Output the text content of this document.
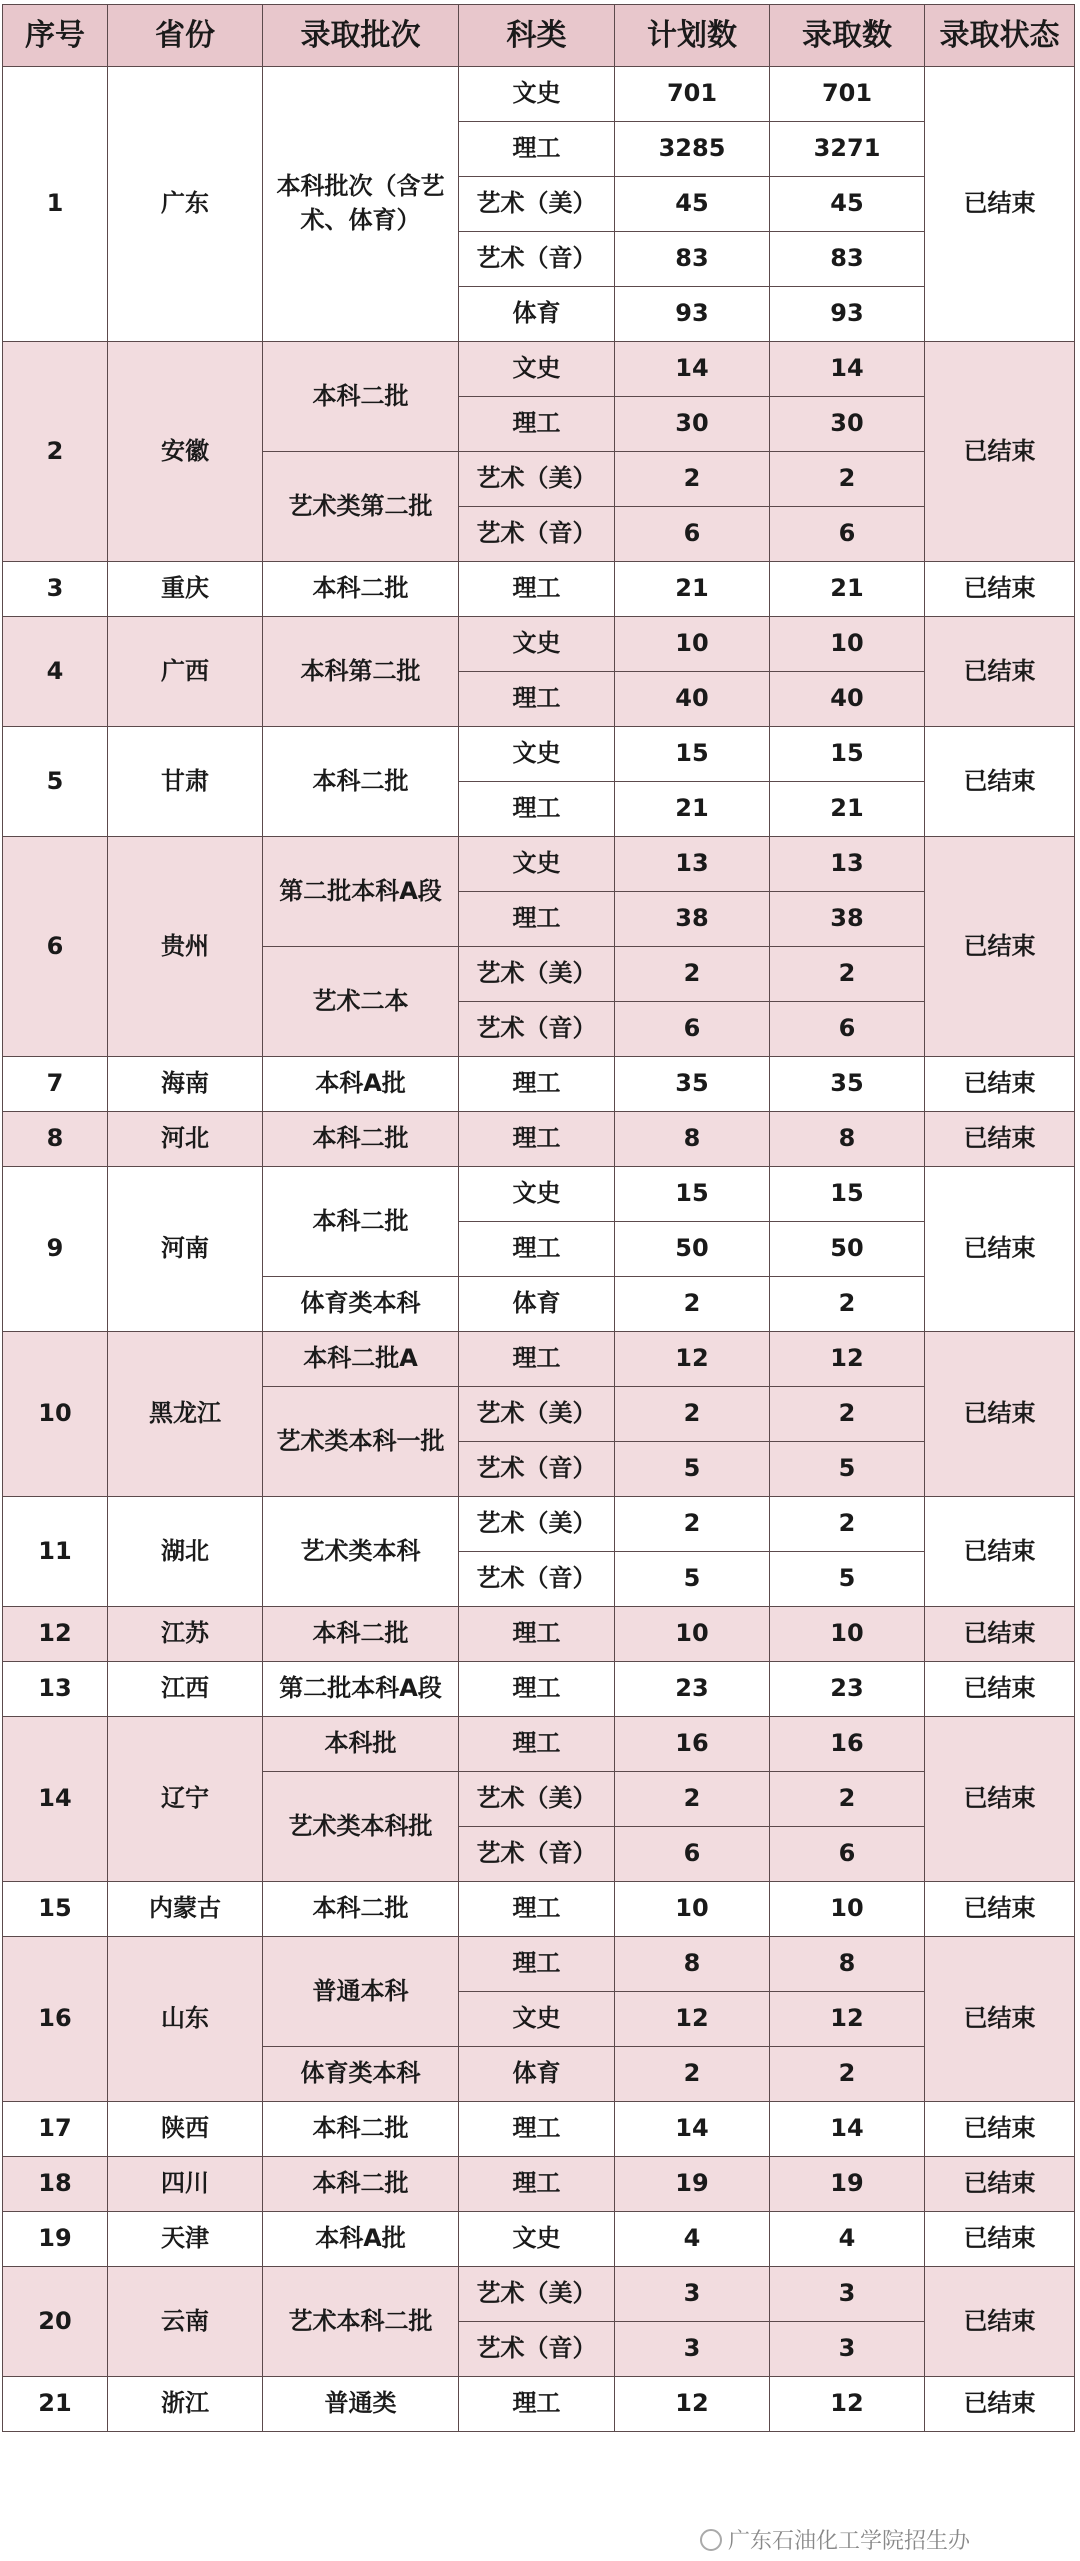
序号	省份	录取批次	科类	计划数	录取数	录取状态
1	广东	本科批次（含艺术、体育）	文史	701	701	已结束
			理工	3285	3271	
			艺术（美）	45	45	
			艺术（音）	83	83	
			体育	93	93	
2	安徽	本科二批	文史	14	14	已结束
			理工	30	30	
		艺术类第二批	艺术（美）	2	2	
			艺术（音）	6	6	
3	重庆	本科二批	理工	21	21	已结束
4	广西	本科第二批	文史	10	10	已结束
			理工	40	40	
5	甘肃	本科二批	文史	15	15	已结束
			理工	21	21	
6	贵州	第二批本科A段	文史	13	13	已结束
			理工	38	38	
		艺术二本	艺术（美）	2	2	
			艺术（音）	6	6	
7	海南	本科A批	理工	35	35	已结束
8	河北	本科二批	理工	8	8	已结束
9	河南	本科二批	文史	15	15	已结束
			理工	50	50	
		体育类本科	体育	2	2	
10	黑龙江	本科二批A	理工	12	12	已结束
		艺术类本科一批	艺术（美）	2	2	
			艺术（音）	5	5	
11	湖北	艺术类本科	艺术（美）	2	2	已结束
			艺术（音）	5	5	
12	江苏	本科二批	理工	10	10	已结束
13	江西	第二批本科A段	理工	23	23	已结束
14	辽宁	本科批	理工	16	16	已结束
		艺术类本科批	艺术（美）	2	2	
			艺术（音）	6	6	
15	内蒙古	本科二批	理工	10	10	已结束
16	山东	普通本科	理工	8	8	已结束
			文史	12	12	
		体育类本科	体育	2	2	
17	陕西	本科二批	理工	14	14	已结束
18	四川	本科二批	理工	19	19	已结束
19	天津	本科A批	文史	4	4	已结束
20	云南	艺术本科二批	艺术（美）	3	3	已结束
			艺术（音）	3	3	
21	浙江	普通类	理工	12	12	已结束
广东石油化工学院招生办
